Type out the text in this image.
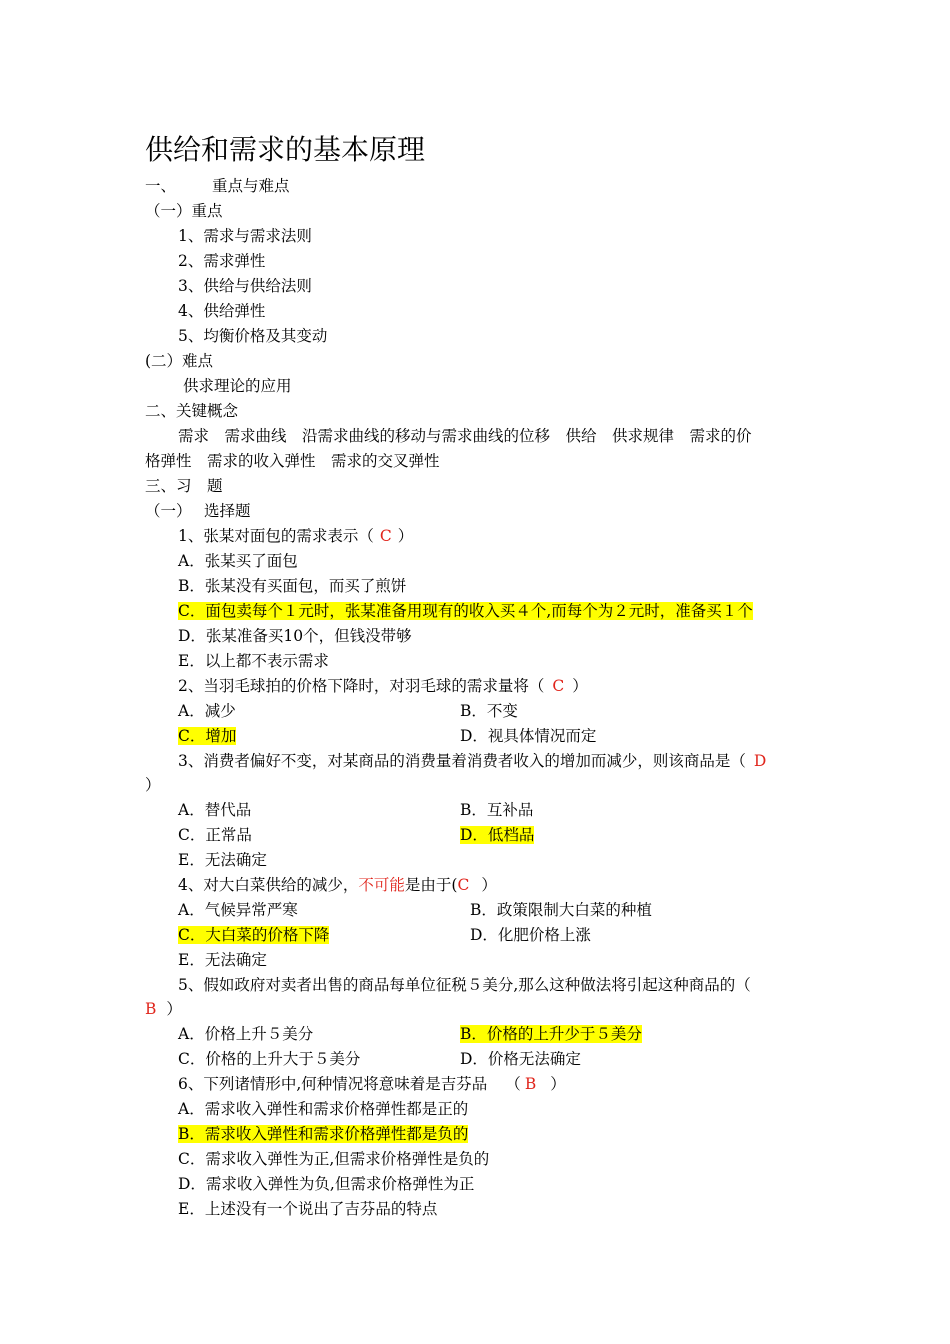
供给和需求的基本原理
一、 重点与难点
（一）重点
1、需求与需求法则
2、需求弹性
3、供给与供给法则
4、供给弹性
5、均衡价格及其变动
(二）难点
供求理论的应用
二、关键概念
需求　需求曲线　沿需求曲线的移动与需求曲线的位移　供给　供求规律　需求的价
格弹性　需求的收入弹性　需求的交叉弹性
三、习　题
（一） 选择题
1、张某对面包的需求表示（ C ）
A．张某买了面包
B．张某没有买面包，而买了煎饼
C．面包卖每个１元时，张某准备用现有的收入买４个,而每个为２元时，准备买１个
D．张某准备买10个，但钱没带够
E．以上都不表示需求
2、当羽毛球拍的价格下降时，对羽毛球的需求量将（ C ）
A．减少	B．不变
C．增加	D．视具体情况而定
3、消费者偏好不变，对某商品的消费量着消费者收入的增加而减少，则该商品是（ D
）
A．替代品	B．互补品
C．正常品	D．低档品
E．无法确定
4、对大白菜供给的减少，不可能是由于(C ）
A．气候异常严寒	B．政策限制大白菜的种植
C．大白菜的价格下降	D．化肥价格上涨
E．无法确定
5、假如政府对卖者出售的商品每单位征税５美分,那么这种做法将引起这种商品的（
B ）
A．价格上升５美分	B．价格的上升少于５美分
C．价格的上升大于５美分	D．价格无法确定
6、下列诸情形中,何种情况将意味着是吉芬品 （ B ）
A．需求收入弹性和需求价格弹性都是正的
B．需求收入弹性和需求价格弹性都是负的
C．需求收入弹性为正,但需求价格弹性是负的
D．需求收入弹性为负,但需求价格弹性为正
E．上述没有一个说出了吉芬品的特点
